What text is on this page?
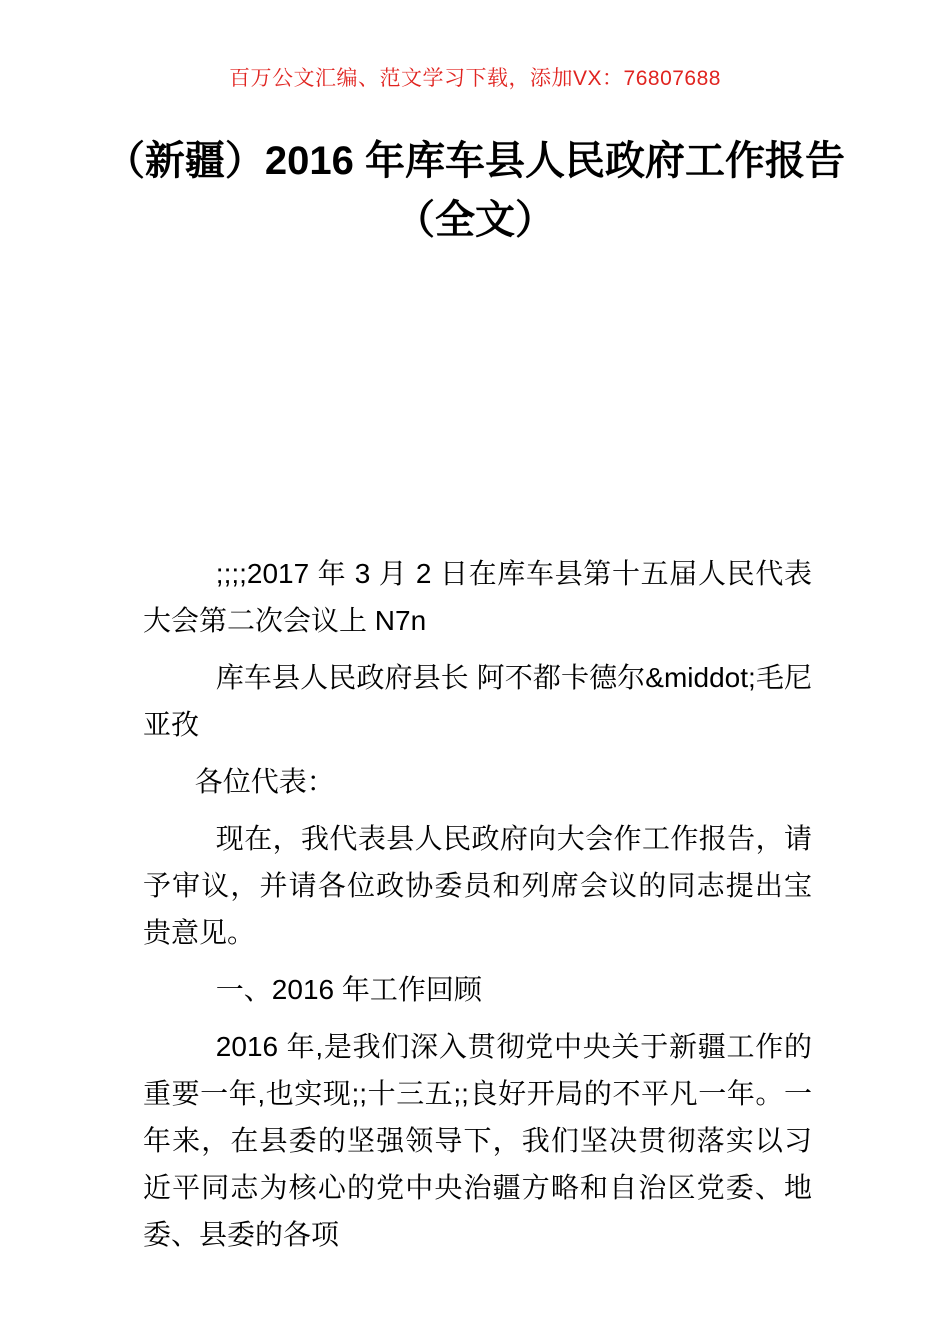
百万公文汇编、范文学习下载，添加VX：76807688
（新疆）2016 年库车县人民政府工作报告
（全文）

;;;;2017 年 3 月 2 日在库车县第十五届人民代表大会第二次会议上 N7n

库车县人民政府县长 阿不都卡德尔&middot;毛尼亚孜

各位代表：

现在，我代表县人民政府向大会作工作报告，请予审议，并请各位政协委员和列席会议的同志提出宝贵意见。

一、2016 年工作回顾

2016 年,是我们深入贯彻党中央关于新疆工作的重要一年,也实现;;十三五;;良好开局的不平凡一年。一年来，在县委的坚强领导下，我们坚决贯彻落实以习近平同志为核心的党中央治疆方略和自治区党委、地委、县委的各项
